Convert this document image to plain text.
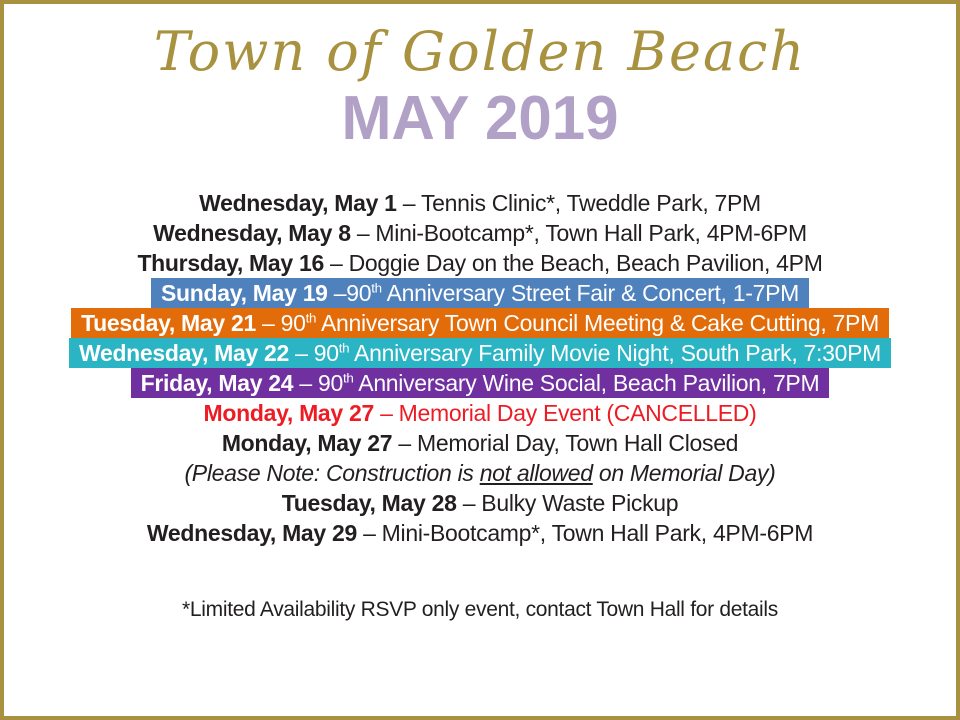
Town of Golden Beach
MAY 2019
Wednesday, May 1 – Tennis Clinic*, Tweddle Park, 7PM
Wednesday, May 8 – Mini-Bootcamp*, Town Hall Park, 4PM-6PM
Thursday, May 16 – Doggie Day on the Beach, Beach Pavilion, 4PM
Sunday, May 19 –90th Anniversary Street Fair & Concert, 1-7PM
Tuesday, May 21 – 90th Anniversary Town Council Meeting & Cake Cutting, 7PM
Wednesday, May 22 – 90th Anniversary Family Movie Night, South Park, 7:30PM
Friday, May 24 – 90th Anniversary Wine Social, Beach Pavilion, 7PM
Monday, May 27 – Memorial Day Event (CANCELLED)
Monday, May 27 – Memorial Day, Town Hall Closed
(Please Note: Construction is not allowed on Memorial Day)
Tuesday, May 28 – Bulky Waste Pickup
Wednesday, May 29 – Mini-Bootcamp*, Town Hall Park, 4PM-6PM
*Limited Availability RSVP only event, contact Town Hall for details
